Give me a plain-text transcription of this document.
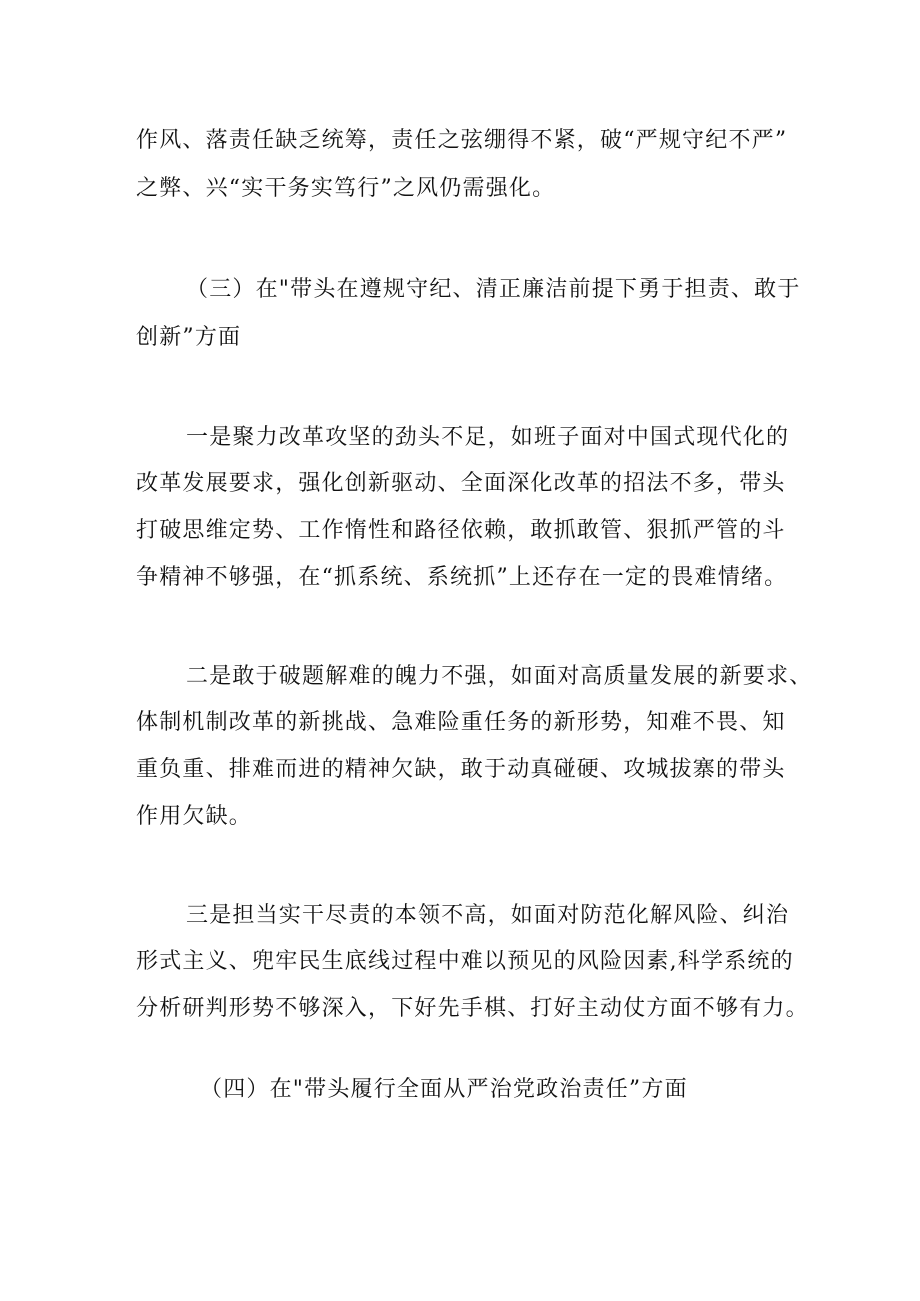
作风、落责任缺乏统筹，责任之弦绷得不紧，破“严规守纪不严”
之弊、兴“实干务实笃行”之风仍需强化。
（三）在"带头在遵规守纪、清正廉洁前提下勇于担责、敢于
创新”方面
一是聚力改革攻坚的劲头不足，如班子面对中国式现代化的
改革发展要求，强化创新驱动、全面深化改革的招法不多，带头
打破思维定势、工作惰性和路径依赖，敢抓敢管、狠抓严管的斗
争精神不够强，在“抓系统、系统抓”上还存在一定的畏难情绪。
二是敢于破题解难的魄力不强，如面对高质量发展的新要求、
体制机制改革的新挑战、急难险重任务的新形势，知难不畏、知
重负重、排难而进的精神欠缺，敢于动真碰硬、攻城拔寨的带头
作用欠缺。
三是担当实干尽责的本领不高，如面对防范化解风险、纠治
形式主义、兜牢民生底线过程中难以预见的风险因素,科学系统的
分析研判形势不够深入，下好先手棋、打好主动仗方面不够有力。
（四）在"带头履行全面从严治党政治责任”方面
